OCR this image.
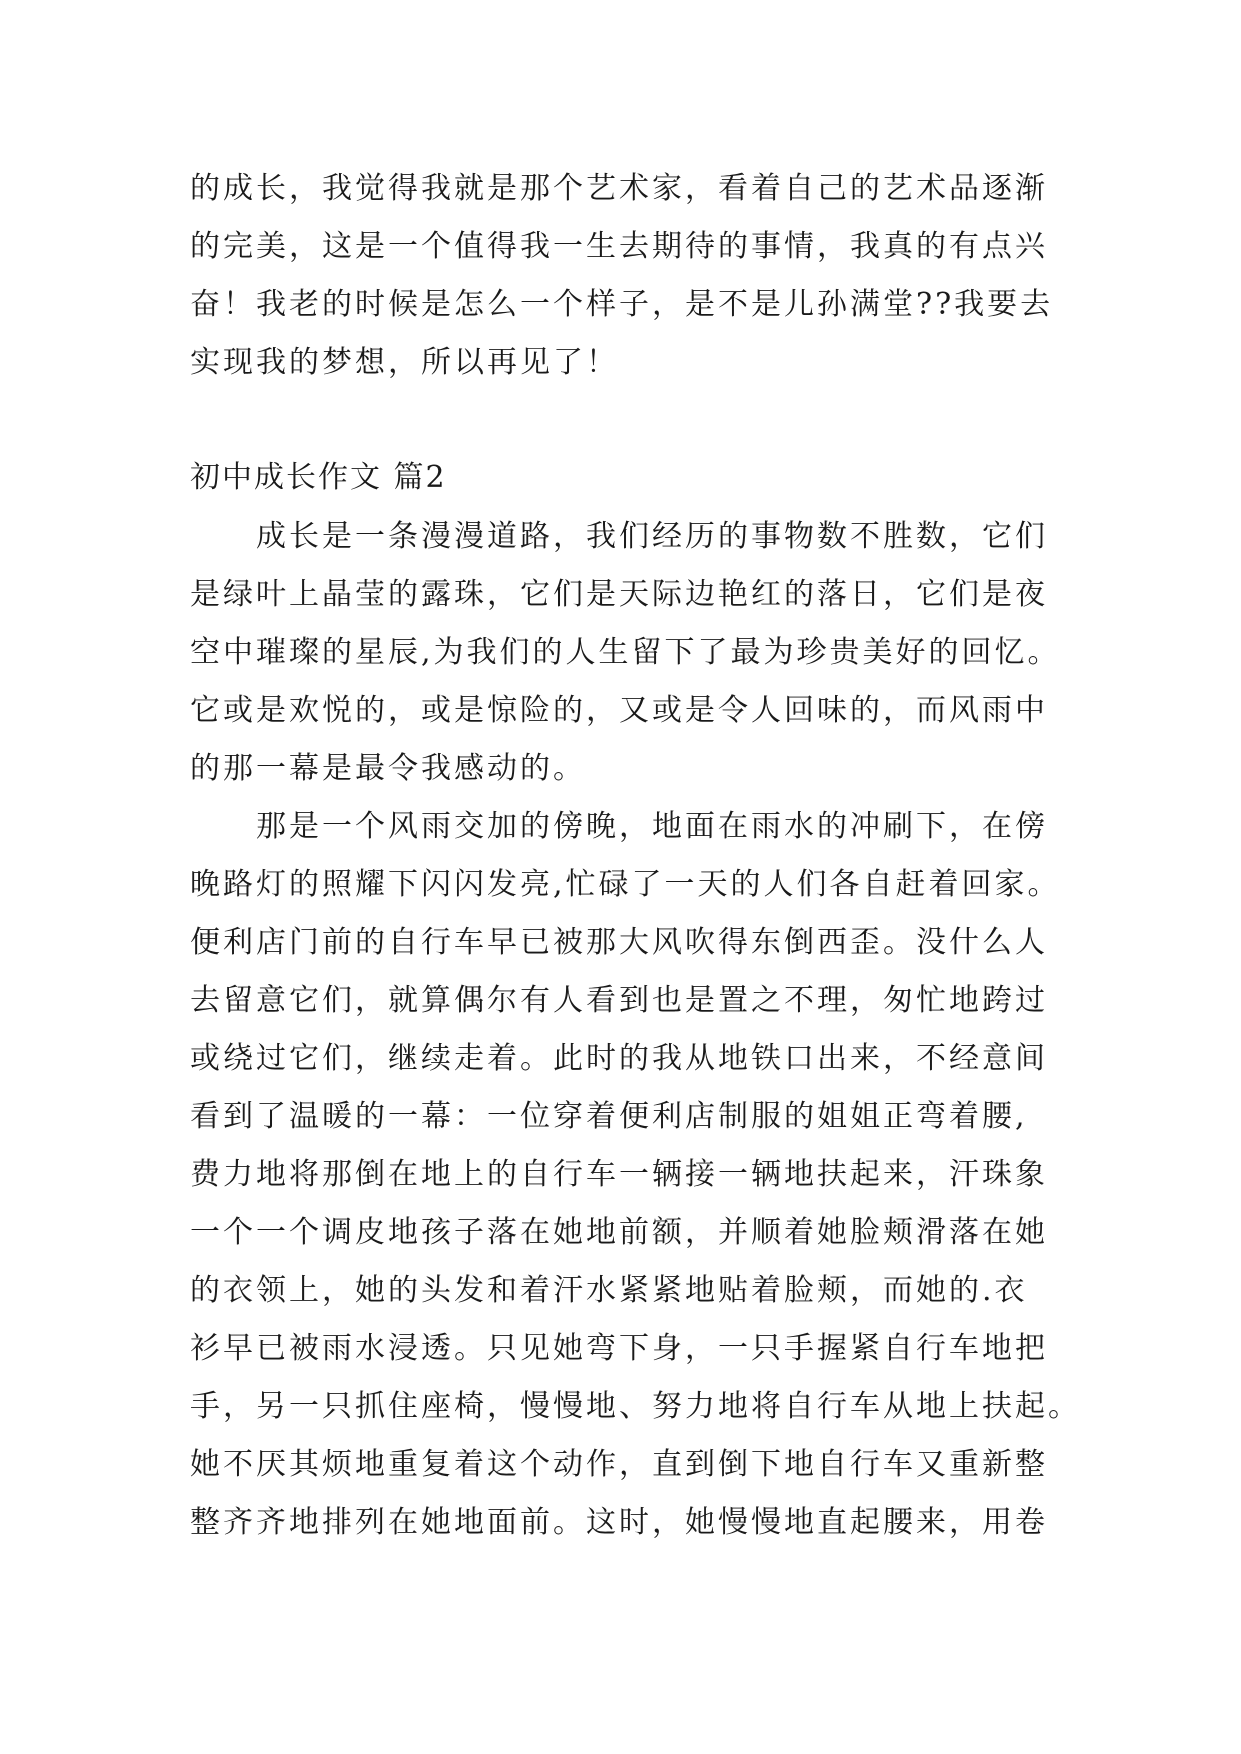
的成长，我觉得我就是那个艺术家，看着自己的艺术品逐渐
的完美，这是一个值得我一生去期待的事情，我真的有点兴
奋！我老的时候是怎么一个样子，是不是儿孙满堂??我要去
实现我的梦想，所以再见了！
初中成长作文 篇2
　　成长是一条漫漫道路，我们经历的事物数不胜数，它们
是绿叶上晶莹的露珠，它们是天际边艳红的落日，它们是夜
空中璀璨的星辰,为我们的人生留下了最为珍贵美好的回忆。
它或是欢悦的，或是惊险的，又或是令人回味的，而风雨中
的那一幕是最令我感动的。
　　那是一个风雨交加的傍晚，地面在雨水的冲刷下，在傍
晚路灯的照耀下闪闪发亮,忙碌了一天的人们各自赶着回家。
便利店门前的自行车早已被那大风吹得东倒西歪。没什么人
去留意它们，就算偶尔有人看到也是置之不理，匆忙地跨过
或绕过它们，继续走着。此时的我从地铁口出来，不经意间
看到了温暖的一幕：一位穿着便利店制服的姐姐正弯着腰,
费力地将那倒在地上的自行车一辆接一辆地扶起来，汗珠象
一个一个调皮地孩子落在她地前额，并顺着她脸颊滑落在她
的衣领上，她的头发和着汗水紧紧地贴着脸颊，而她的.衣
衫早已被雨水浸透。只见她弯下身，一只手握紧自行车地把
手，另一只抓住座椅，慢慢地、努力地将自行车从地上扶起。
她不厌其烦地重复着这个动作，直到倒下地自行车又重新整
整齐齐地排列在她地面前。这时，她慢慢地直起腰来，用卷
